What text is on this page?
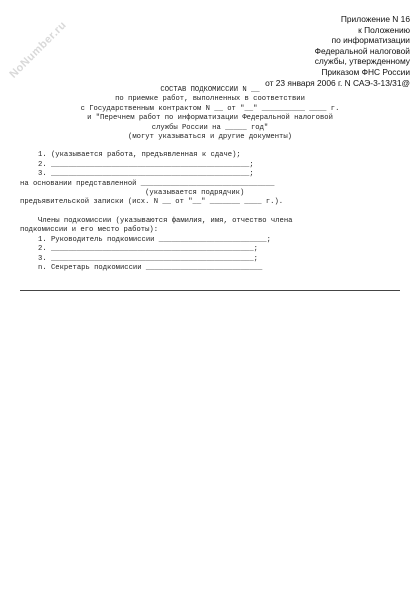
NoNumber.ru
Приложение N 16
к Положению
по информатизации
Федеральной налоговой
службы, утвержденному
Приказом ФНС России
от 23 января 2006 г. N САЭ-3-13/31@
СОСТАВ ПОДКОМИССИИ N __
по приемке работ, выполненных в соответствии
с Государственным контрактом N __ от "__" __________ ____ г.
и "Перечнем работ по информатизации Федеральной налоговой
службы России на _____ год"
(могут указываться и другие документы)
1. (указывается работа, предъявленная к сдаче);
2. ______________________________________________;
3. ______________________________________________;
на основании представленной _______________________________
(указывается подрядчик)
предъявительской записки (исх. N __ от "__" _______ ____ г.).
Члены подкомиссии (указываются фамилия, имя, отчество члена
подкомиссии и его место работы):
1. Руководитель подкомиссии _________________________;
2. _______________________________________________;
3. _______________________________________________;
n. Секретарь подкомиссии ___________________________
